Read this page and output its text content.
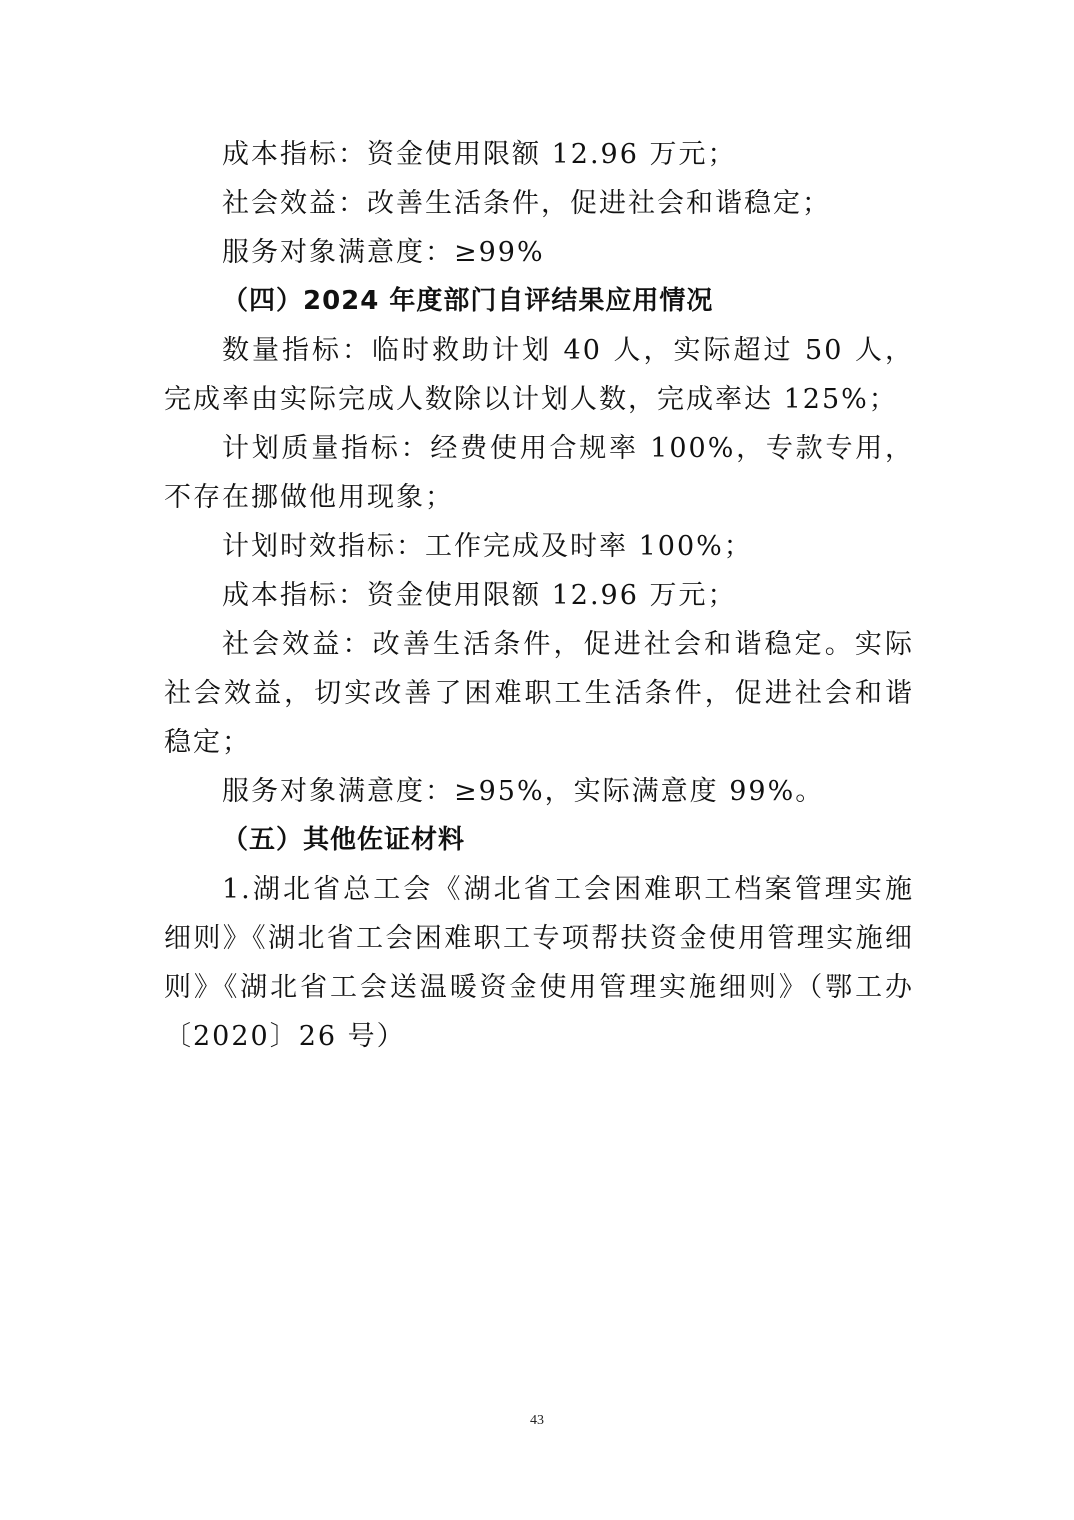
成本指标：资金使用限额 12.96 万元；

社会效益：改善生活条件，促进社会和谐稳定；

服务对象满意度：≥99%

（四）2024 年度部门自评结果应用情况

数量指标：临时救助计划 40 人，实际超过 50 人，完成率由实际完成人数除以计划人数，完成率达 125%；

计划质量指标：经费使用合规率 100%，专款专用，不存在挪做他用现象；

计划时效指标：工作完成及时率 100%；

成本指标：资金使用限额 12.96 万元；

社会效益：改善生活条件，促进社会和谐稳定。实际社会效益，切实改善了困难职工生活条件，促进社会和谐稳定；

服务对象满意度：≥95%，实际满意度 99%。

（五）其他佐证材料

1.湖北省总工会《湖北省工会困难职工档案管理实施细则》《湖北省工会困难职工专项帮扶资金使用管理实施细则》《湖北省工会送温暖资金使用管理实施细则》（鄂工办〔2020〕26 号）

43
